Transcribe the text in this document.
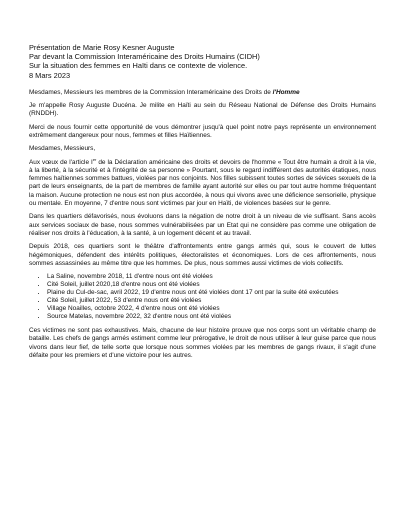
Présentation de Marie Rosy Kesner Auguste
Par devant la Commission Interaméricaine des Droits Humains (CIDH)
Sur la situation des femmes en Haïti dans ce contexte de violence.
8 Mars 2023

Mesdames, Messieurs les membres de la Commission Interaméricaine des Droits de l'Homme

Je m'appelle Rosy Auguste Ducéna. Je milite en Haïti au sein du Réseau National de Défense des Droits Humains (RNDDH).

Merci de nous fournir cette opportunité de vous démontrer jusqu'à quel point notre pays représente un environnement extrêmement dangereux pour nous, femmes et filles Haïtiennes.

Mesdames, Messieurs,

Aux vœux de l'article Ier de la Déclaration américaine des droits et devoirs de l'homme « Tout être humain a droit à la vie, à la liberté, à la sécurité et à l'intégrité de sa personne » Pourtant, sous le regard indifférent des autorités étatiques, nous femmes haïtiennes sommes battues, violées par nos conjoints. Nos filles subissent toutes sortes de sévices sexuels de la part de leurs enseignants, de la part de membres de famille ayant autorité sur elles ou par tout autre homme fréquentant la maison. Aucune protection ne nous est non plus accordée, à nous qui vivons avec une déficience sensorielle, physique ou mentale. En moyenne, 7 d'entre nous sont victimes par jour en Haïti, de violences basées sur le genre.

Dans les quartiers défavorisés, nous évoluons dans la négation de notre droit à un niveau de vie suffisant. Sans accès aux services sociaux de base, nous sommes vulnérabilisées par un Etat qui ne considère pas comme une obligation de réaliser nos droits à l'éducation, à la santé, à un logement décent et au travail.

Depuis 2018, ces quartiers sont le théâtre d'affrontements entre gangs armés qui, sous le couvert de luttes hégémoniques, défendent des intérêts politiques, électoralistes et économiques. Lors de ces affrontements, nous sommes assassinées au même titre que les hommes. De plus, nous sommes aussi victimes de viols collectifs.

• La Saline, novembre 2018, 11 d'entre nous ont été violées
• Cité Soleil, juillet 2020,18 d'entre nous ont été violées
• Plaine du Cul-de-sac, avril 2022, 19 d'entre nous ont été violées dont 17 ont par la suite été exécutées
• Cité Soleil, juillet 2022, 53 d'entre nous ont été violées
• Village Noailles, octobre 2022, 4 d'entre nous ont été violées
• Source Matelas, novembre 2022, 32 d'entre nous ont été violées

Ces victimes ne sont pas exhaustives. Mais, chacune de leur histoire prouve que nos corps sont un véritable champ de bataille. Les chefs de gangs armés estiment comme leur prérogative, le droit de nous utiliser à leur guise parce que nous vivons dans leur fief, de telle sorte que lorsque nous sommes violées par les membres de gangs rivaux, il s'agit d'une défaite pour les premiers et d'une victoire pour les autres.
